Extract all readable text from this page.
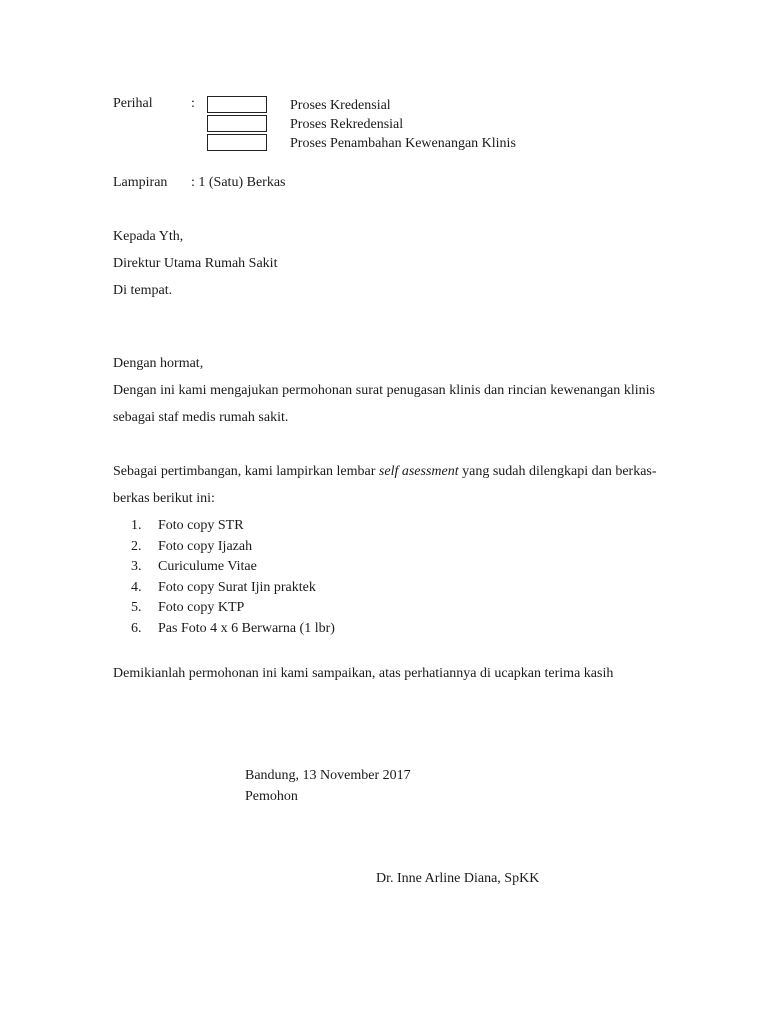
Perihal	:	Proses Kredensial
Proses Rekredensial
Proses Penambahan Kewenangan Klinis
Lampiran : 1 (Satu) Berkas
Kepada Yth,
Direktur Utama Rumah Sakit
Di tempat.
Dengan hormat,
Dengan ini kami mengajukan permohonan surat penugasan klinis dan rincian kewenangan klinis sebagai staf medis rumah sakit.
Sebagai pertimbangan, kami lampirkan lembar self asessment yang sudah dilengkapi dan berkas-berkas berikut ini:
1. Foto copy STR
2. Foto copy Ijazah
3. Curiculume Vitae
4. Foto copy Surat Ijin praktek
5. Foto copy KTP
6. Pas Foto 4 x 6 Berwarna (1 lbr)
Demikianlah permohonan ini kami sampaikan, atas perhatiannya di ucapkan terima kasih
Bandung, 13 November 2017
Pemohon
Dr. Inne Arline Diana, SpKK
